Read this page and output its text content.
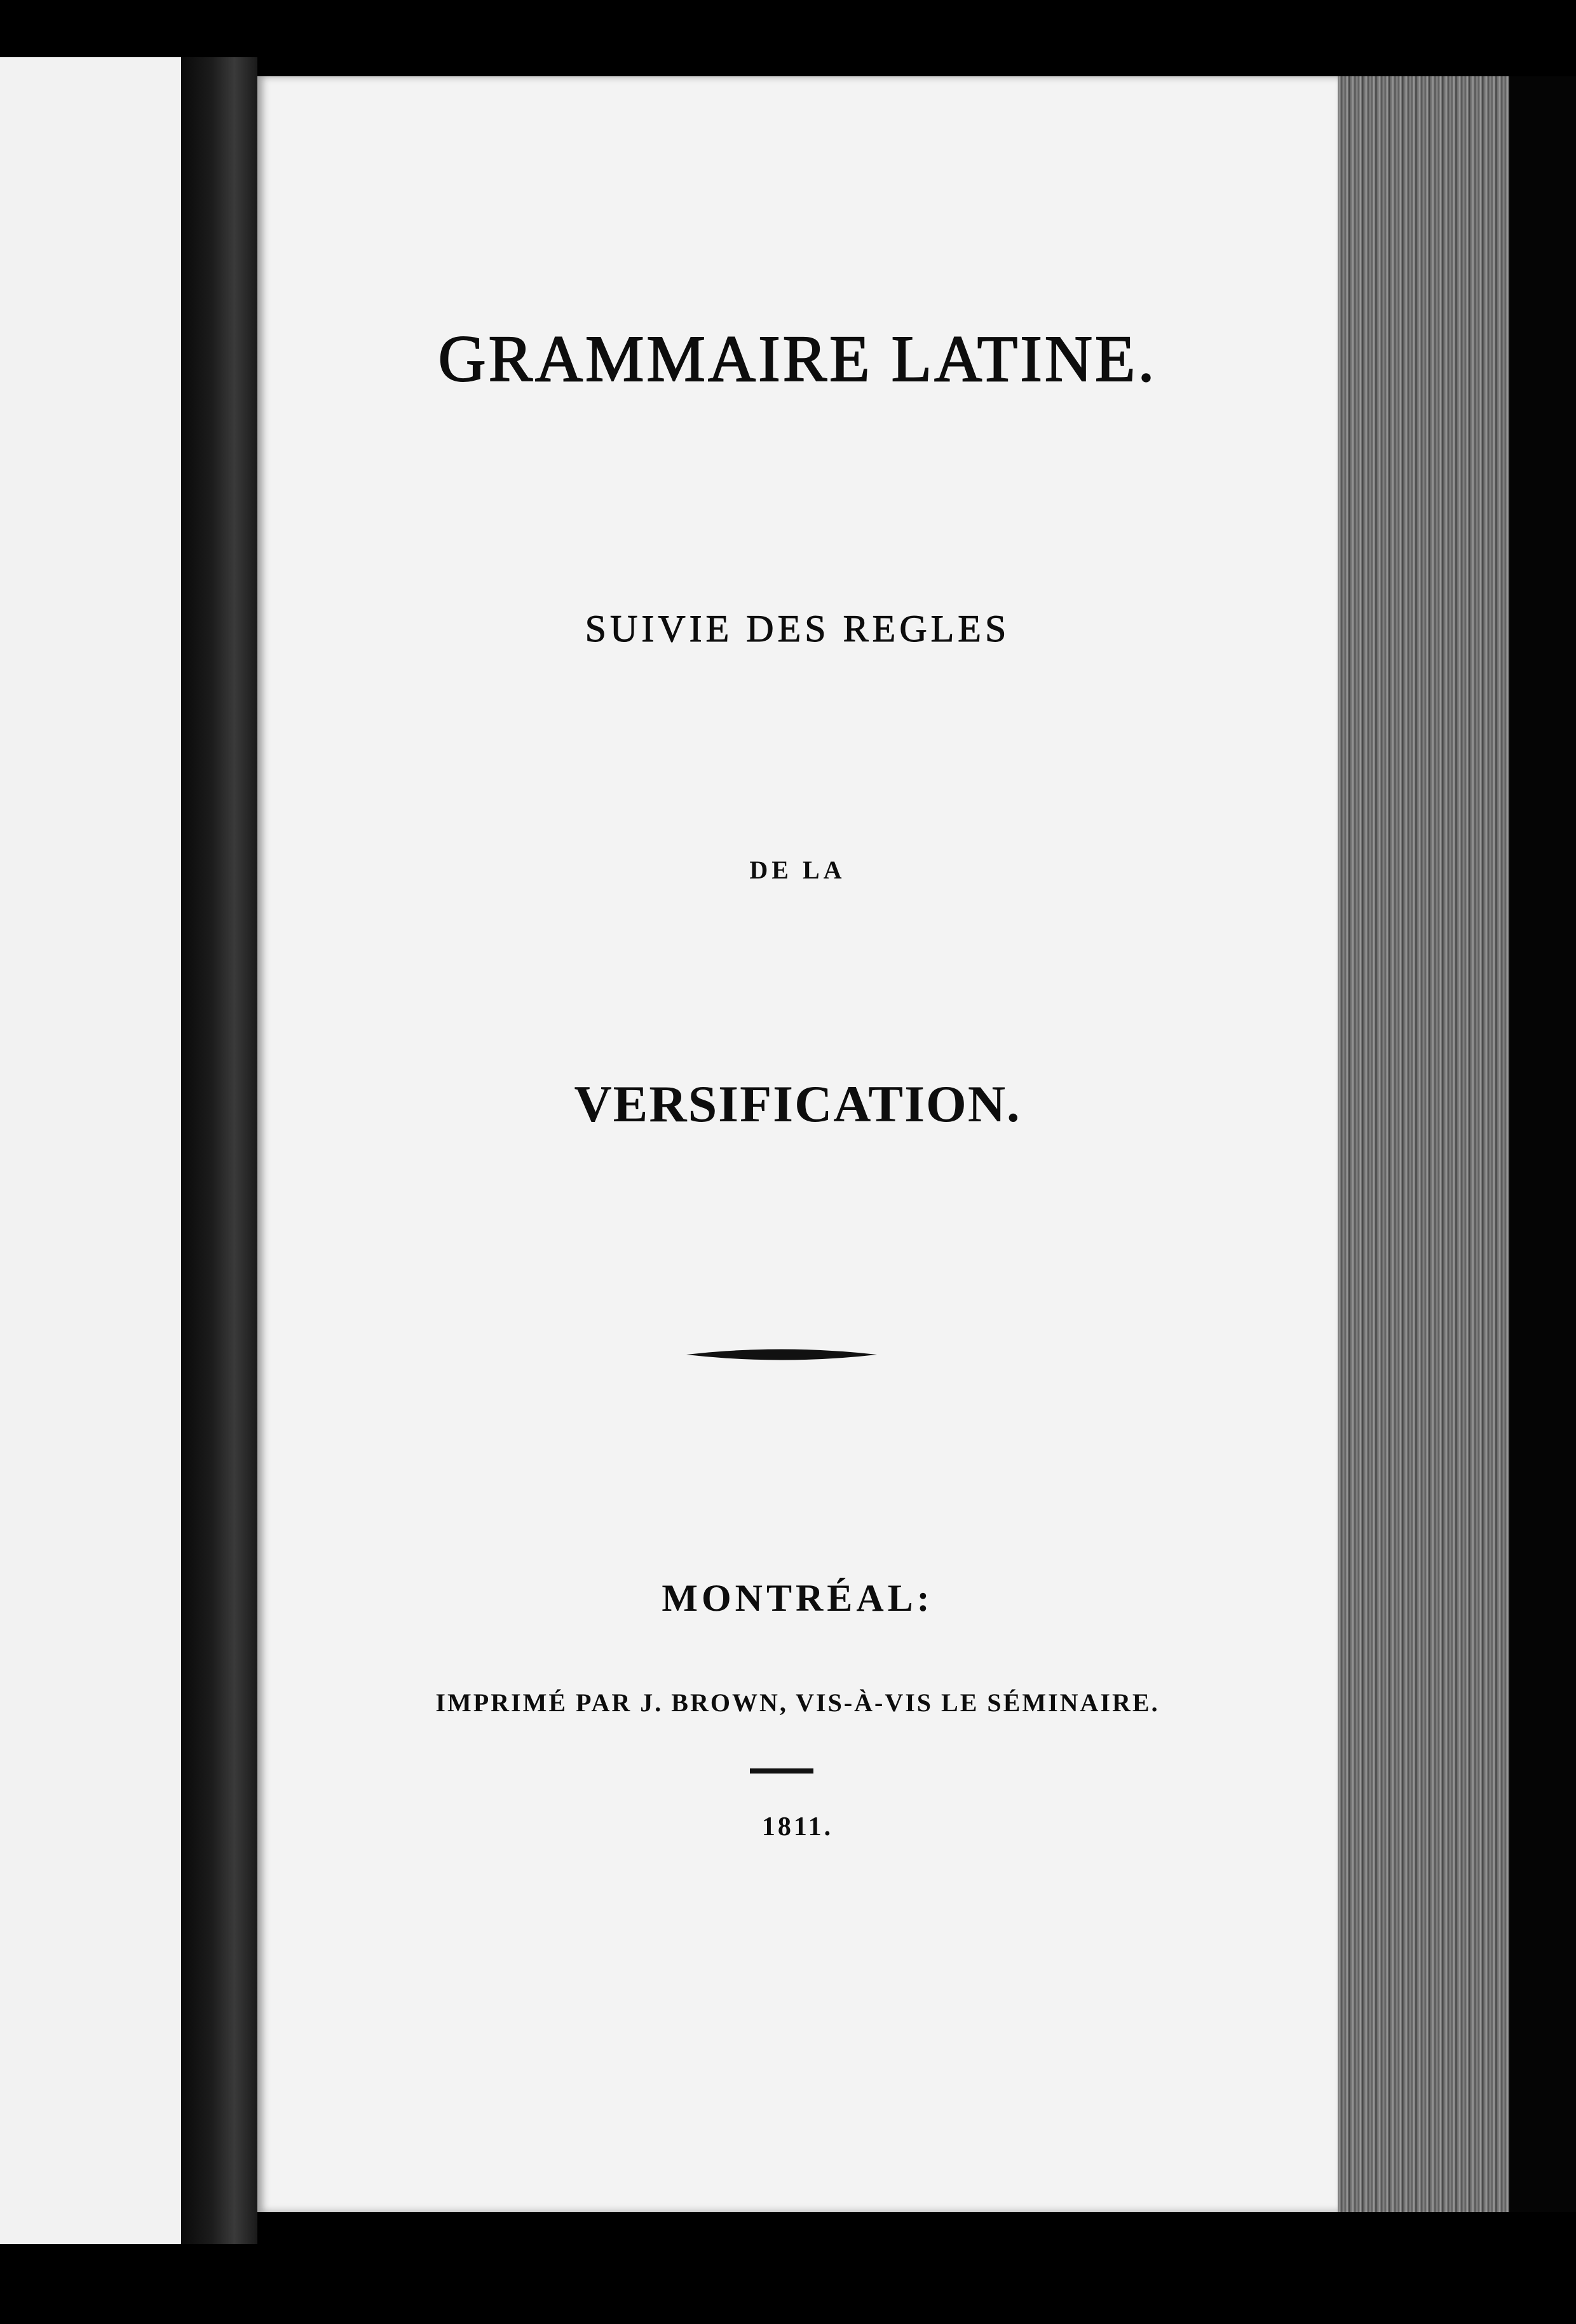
GRAMMAIRE LATINE.
SUIVIE DES REGLES
DE LA
VERSIFICATION.
MONTRÉAL:
IMPRIMÉ PAR J. BROWN, VIS-À-VIS LE SÉMINAIRE.
1811.
